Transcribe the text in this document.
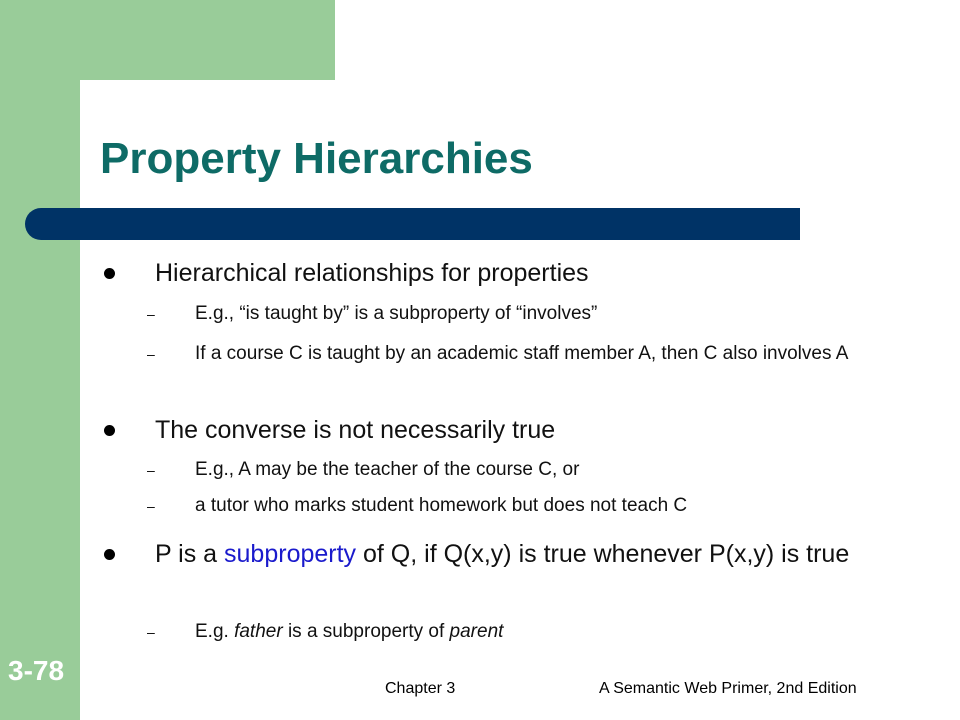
Property Hierarchies
Hierarchical relationships for properties
– E.g., “is taught by” is a subproperty of “involves”
– If a course C is taught by an academic staff member A, then C also involves A
The converse is not necessarily true
– E.g., A may be the teacher of the course C, or
– a tutor who marks student homework but does not teach C
P is a subproperty of Q, if Q(x,y) is true whenever P(x,y) is true
– E.g. father is a subproperty of parent
3-78
Chapter 3	A Semantic Web Primer, 2nd Edition
